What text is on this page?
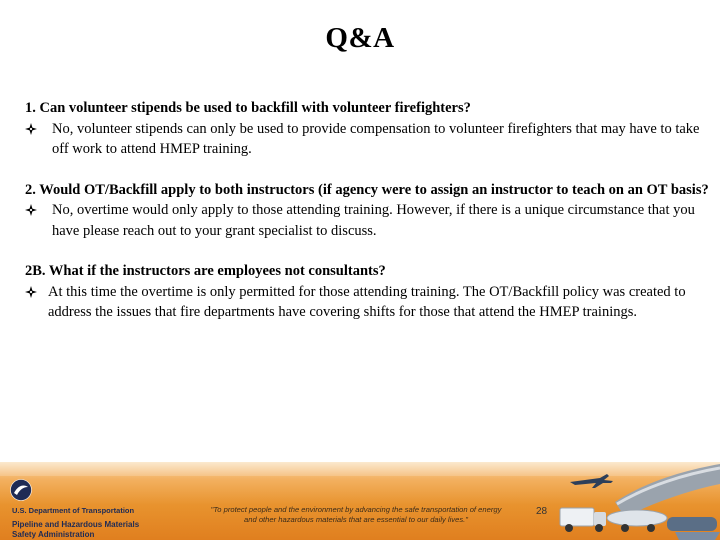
Q&A
1. Can volunteer stipends be used to backfill with volunteer firefighters?
No, volunteer stipends can only be used to provide compensation to volunteer firefighters that may have to take off work to attend HMEP training.
2. Would OT/Backfill apply to both instructors (if agency were to assign an instructor to teach on an OT basis?
No, overtime would only apply to those attending training. However, if there is a unique circumstance that you have please reach out to your grant specialist to discuss.
2B. What if the instructors are employees not consultants?
At this time the overtime is only permitted for those attending training. The OT/Backfill policy was created to address the issues that fire departments have covering shifts for those that attend the HMEP trainings.
U.S. Department of Transportation
Pipeline and Hazardous Materials
Safety Administration
"To protect people and the environment by advancing the safe transportation of energy
and other hazardous materials that are essential to our daily lives."
28
